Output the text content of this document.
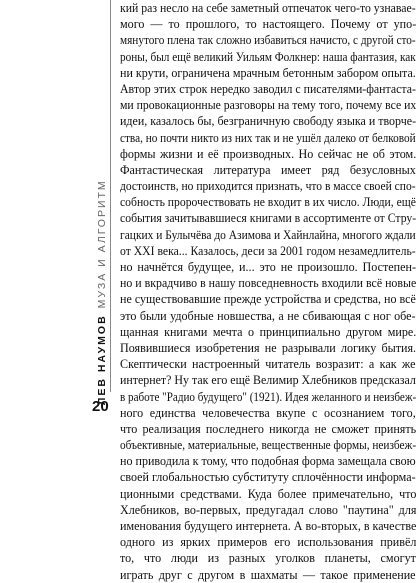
ЛЕВ НАУМОВМУЗА И АЛГОРИТМ
20
кий раз несло на себе заметный отпечаток чего-то узнавае-
мого — то прошлого, то настоящего. Почему от упо-
мянутого плена так сложно избавиться начисто, с другой сто-
роны, был ещё великий Уильям Фолкнер: наша фантазия, как
ни крути, ограничена мрачным бетонным забором опыта.
Автор этих строк нередко заводил с писателями-фантаста-
ми провокационные разговоры на тему того, почему все их
идеи, казалось бы, безграничную свободу языка и творче-
ства, но почти никто из них так и не ушёл далеко от белковой
формы жизни и её производных. Но сейчас не об этом.
Фантастическая литература имеет ряд безусловных
достоинств, но приходится признать, что в массе своей спо-
собность пророчествовать не входит в их число. Люди, ещё
события зачитывавшиеся книгами в ассортименте от Стру-
гацких и Булычёва до Азимова и Хайнлайна, многого ждали
от XXI века... Казалось, деси за 2001 годом незамедлитель-
но начнётся будущее, и... это не произошло. Постепен-
но и вкрадчиво в нашу повседневность входили всё новые
не существовавшие прежде устройства и средства, но всё
это были удобные новшества, а не сбивающая с ног обе-
щанная книгами мечта о принципиально другом мире.
Появившиеся изобретения не разрывали логику бытия.
Скептически настроенный читатель возразит: а как же
интернет? Ну так его ещё Велимир Хлебников предсказал
в работе "Радио будущего" (1921). Идея желанного и неизбеж-
ного единства человечества вкупе с осознанием того,
что реализация последнего никогда не сможет принять
объективные, материальные, вещественные формы, неизбеж-
но приводила к тому, что подобная форма замещала свою
своей глобальностью субституту сплочённости информа-
ционными средствами. Куда более примечательно, что
Хлебников, во-первых, предугадал слово "паутина" для
именования будущего интернета. А во-вторых, в качестве
одного из ярких примеров его использования привёл
то, что люди из разных уголков планеты, смогут
играть друг с другом в шахматы — такое применение
